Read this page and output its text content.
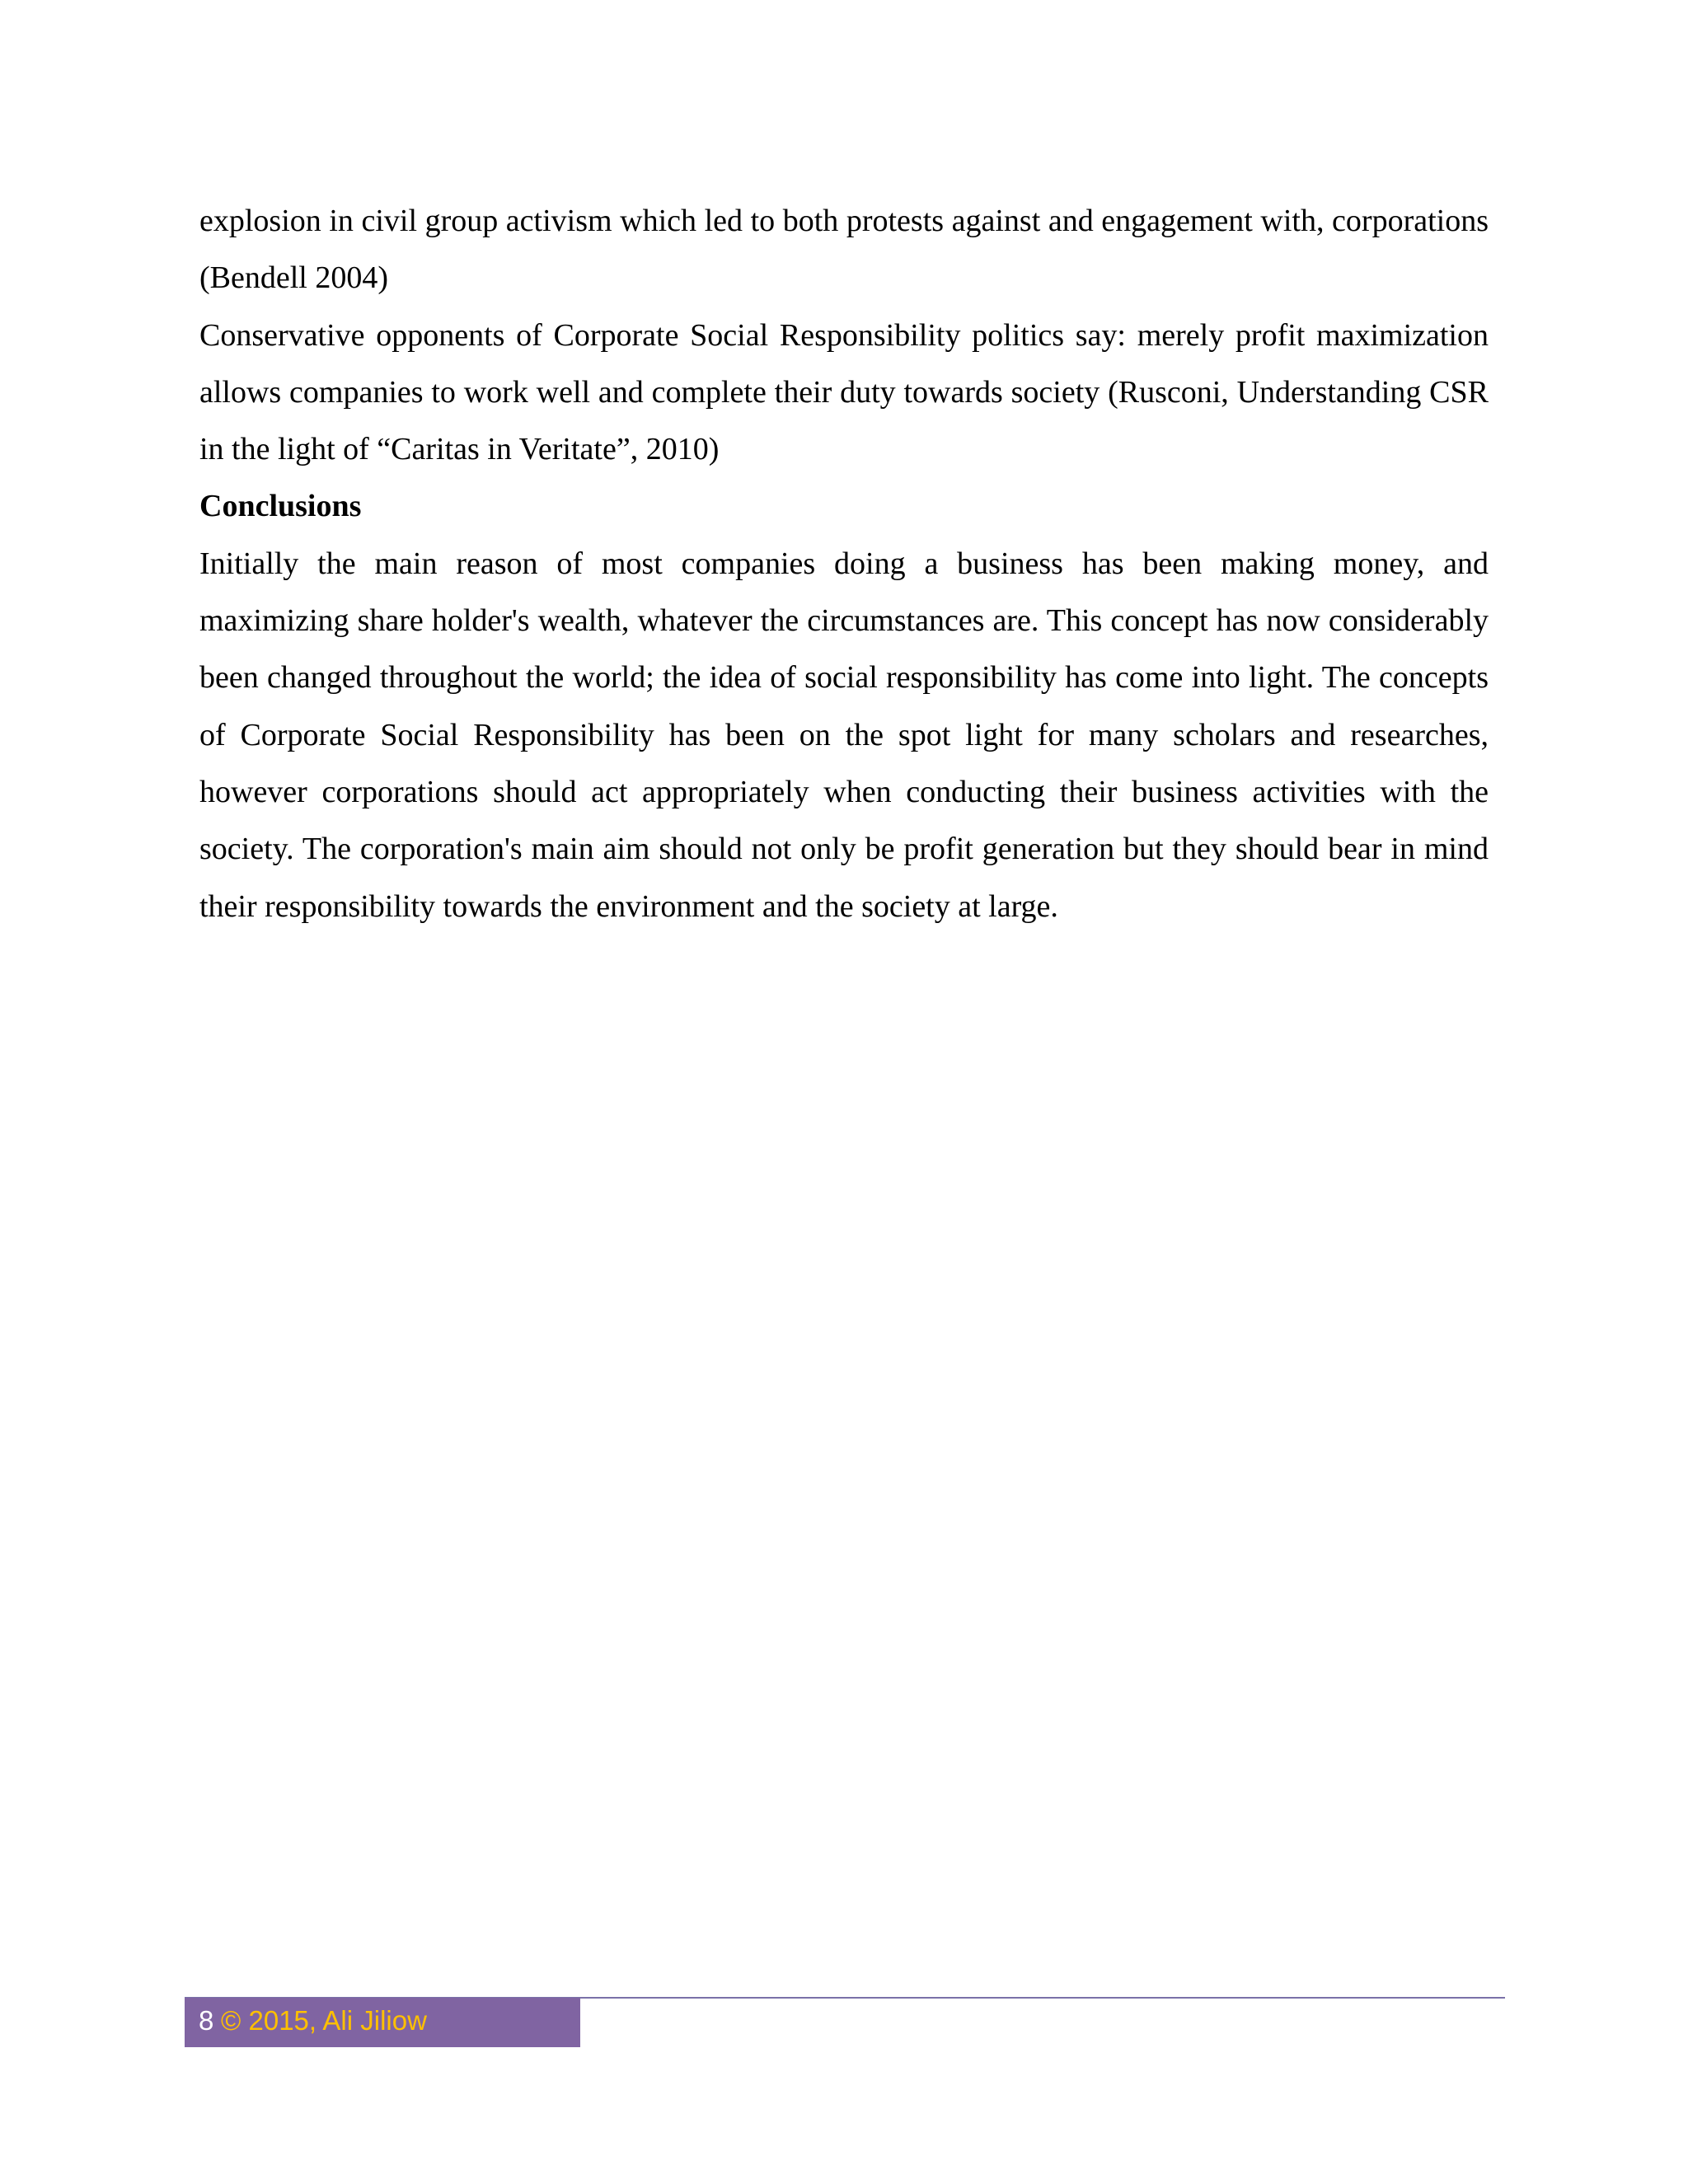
explosion in civil group activism which led to both protests against and engagement with, corporations (Bendell 2004)

Conservative opponents of Corporate Social Responsibility politics say: merely profit maximization allows companies to work well and complete their duty towards society (Rusconi, Understanding CSR in the light of “Caritas in Veritate”, 2010)

Conclusions

Initially the main reason of most companies doing a business has been making money, and maximizing share holder's wealth, whatever the circumstances are. This concept has now considerably been changed throughout the world; the idea of social responsibility has come into light. The concepts of Corporate Social Responsibility has been on the spot light for many scholars and researches, however corporations should act appropriately when conducting their business activities with the society. The corporation's main aim should not only be profit generation but they should bear in mind their responsibility towards the environment and the society at large.

8 © 2015, Ali Jiliow
